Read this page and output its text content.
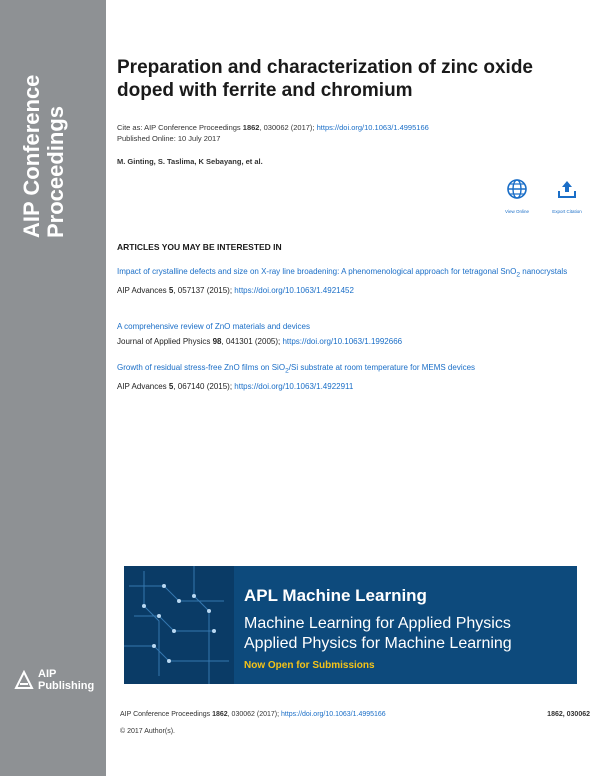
AIP Conference Proceedings
AIP
Publishing
Preparation and characterization of zinc oxide doped with ferrite and chromium
Cite as: AIP Conference Proceedings 1862, 030062 (2017); https://doi.org/10.1063/1.4995166
Published Online: 10 July 2017
M. Ginting, S. Taslima, K Sebayang, et al.
View Online	Export Citation
ARTICLES YOU MAY BE INTERESTED IN
Impact of crystalline defects and size on X-ray line broadening: A phenomenological approach for tetragonal SnO$_2$ nanocrystals
AIP Advances 5, 057137 (2015); https://doi.org/10.1063/1.4921452
A comprehensive review of ZnO materials and devices
Journal of Applied Physics 98, 041301 (2005); https://doi.org/10.1063/1.1992666
Growth of residual stress-free ZnO films on SiO$_2$/Si substrate at room temperature for MEMS devices
AIP Advances 5, 067140 (2015); https://doi.org/10.1063/1.4922911
APL Machine Learning
Machine Learning for Applied Physics
Applied Physics for Machine Learning
Now Open for Submissions
AIP Conference Proceedings 1862, 030062 (2017); https://doi.org/10.1063/1.4995166	1862, 030062
© 2017 Author(s).
